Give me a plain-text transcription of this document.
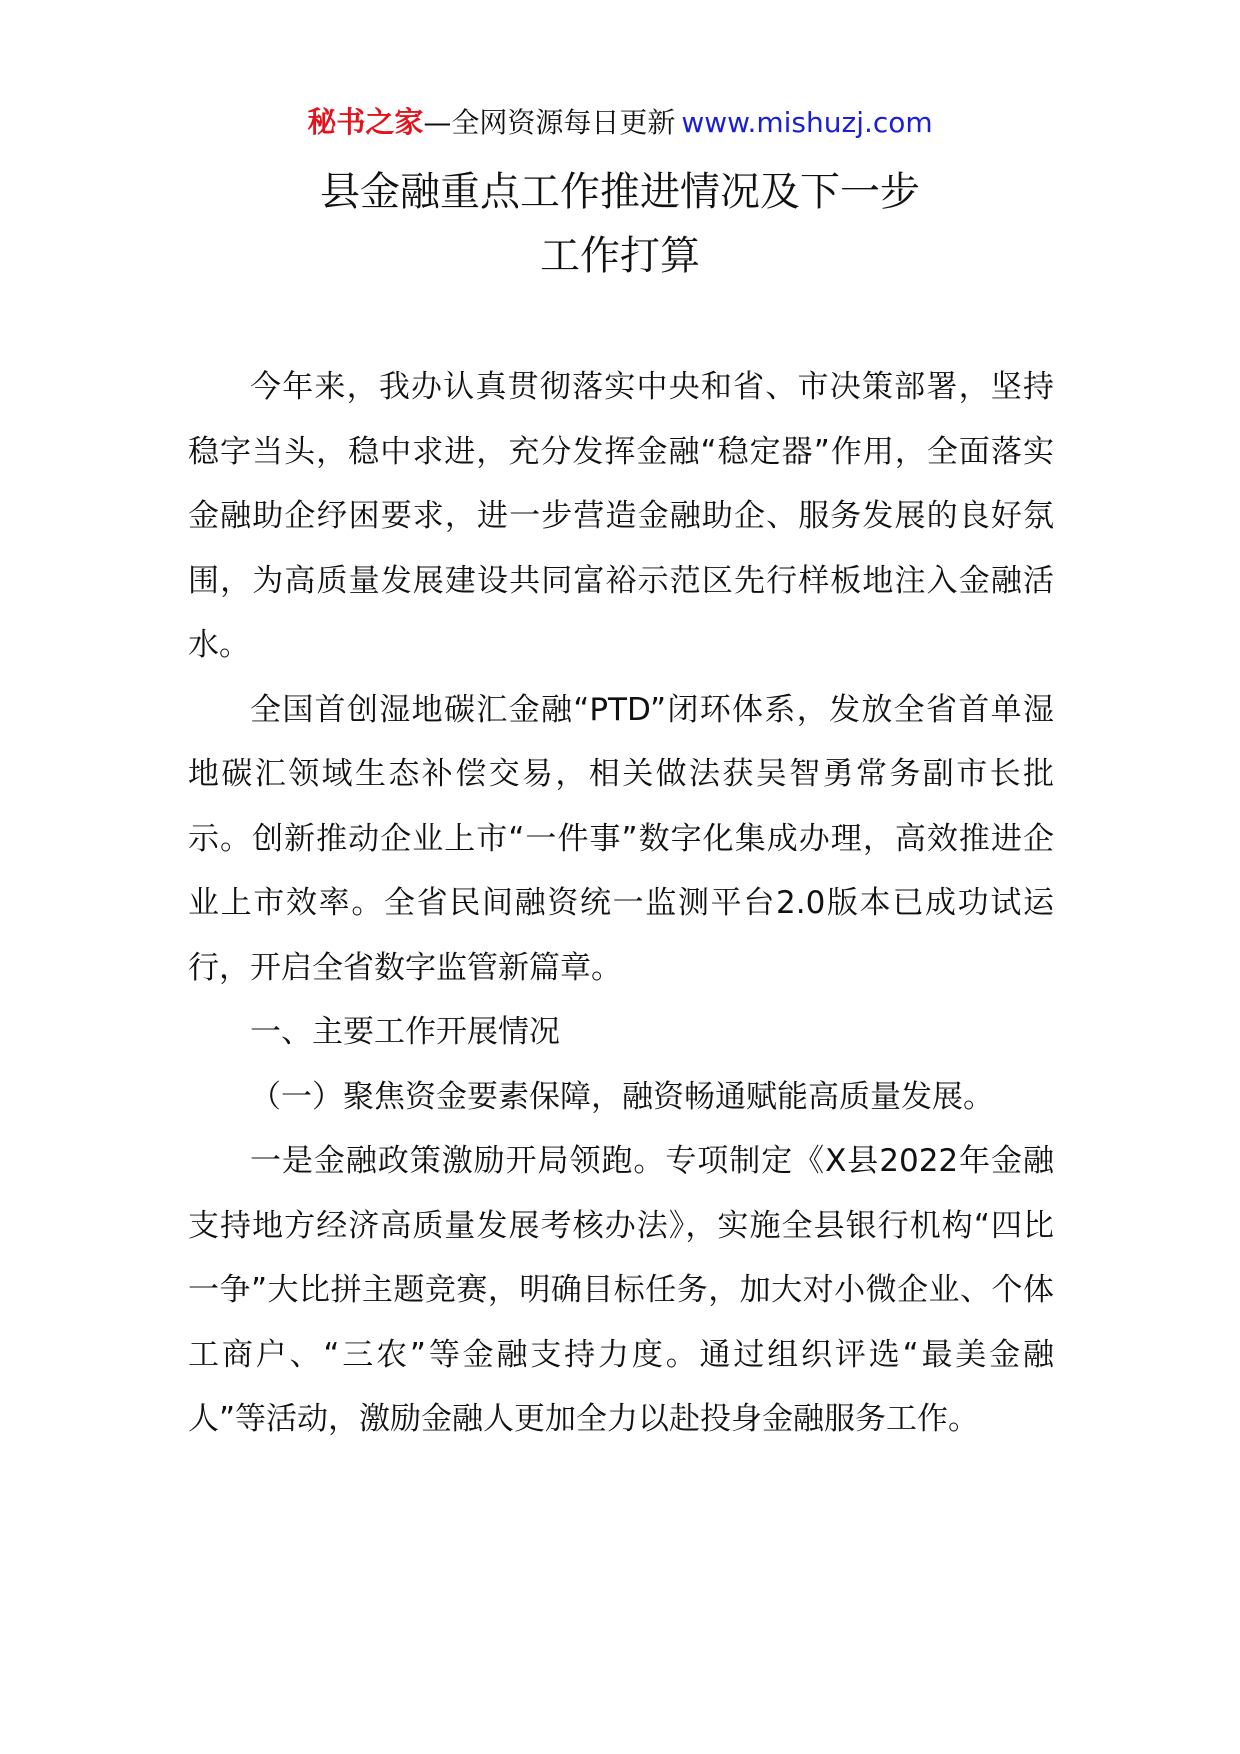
秘书之家—全网资源每日更新 www.mishuzj.com
县金融重点工作推进情况及下一步
工作打算

今年来，我办认真贯彻落实中央和省、市决策部署，坚持稳字当头，稳中求进，充分发挥金融“稳定器”作用，全面落实金融助企纾困要求，进一步营造金融助企、服务发展的良好氛围，为高质量发展建设共同富裕示范区先行样板地注入金融活水。

全国首创湿地碳汇金融“PTD”闭环体系，发放全省首单湿地碳汇领域生态补偿交易，相关做法获吴智勇常务副市长批示。创新推动企业上市“一件事”数字化集成办理，高效推进企业上市效率。全省民间融资统一监测平台2.0版本已成功试运行，开启全省数字监管新篇章。

一、主要工作开展情况

（一）聚焦资金要素保障，融资畅通赋能高质量发展。

一是金融政策激励开局领跑。专项制定《X县2022年金融支持地方经济高质量发展考核办法》，实施全县银行机构“四比一争”大比拼主题竞赛，明确目标任务，加大对小微企业、个体工商户、“三农”等金融支持力度。通过组织评选“最美金融人”等活动，激励金融人更加全力以赴投身金融服务工作。
